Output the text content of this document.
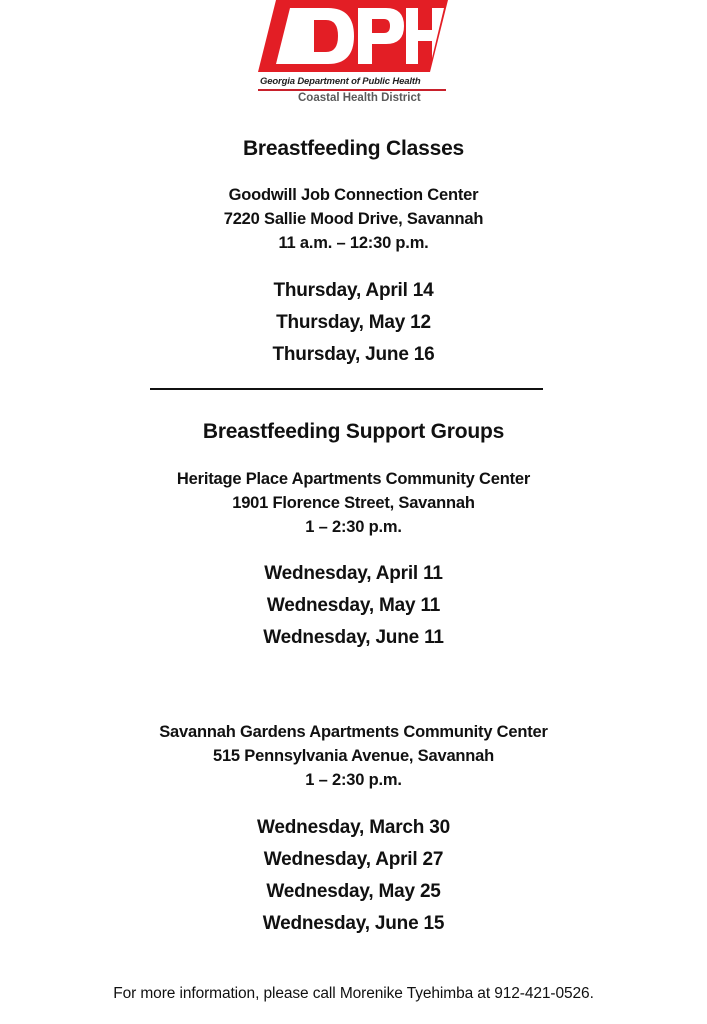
Georgia Department of Public Health
Coastal Health District
Breastfeeding Classes
Goodwill Job Connection Center
7220 Sallie Mood Drive, Savannah
11 a.m. – 12:30 p.m.
Thursday, April 14
Thursday, May 12
Thursday, June 16
Breastfeeding Support Groups
Heritage Place Apartments Community Center
1901 Florence Street, Savannah
1 – 2:30 p.m.
Wednesday, April 11
Wednesday, May 11
Wednesday, June 11
Savannah Gardens Apartments Community Center
515 Pennsylvania Avenue, Savannah
1 – 2:30 p.m.
Wednesday, March 30
Wednesday, April 27
Wednesday, May 25
Wednesday, June 15
For more information, please call Morenike Tyehimba at 912-421-0526.
